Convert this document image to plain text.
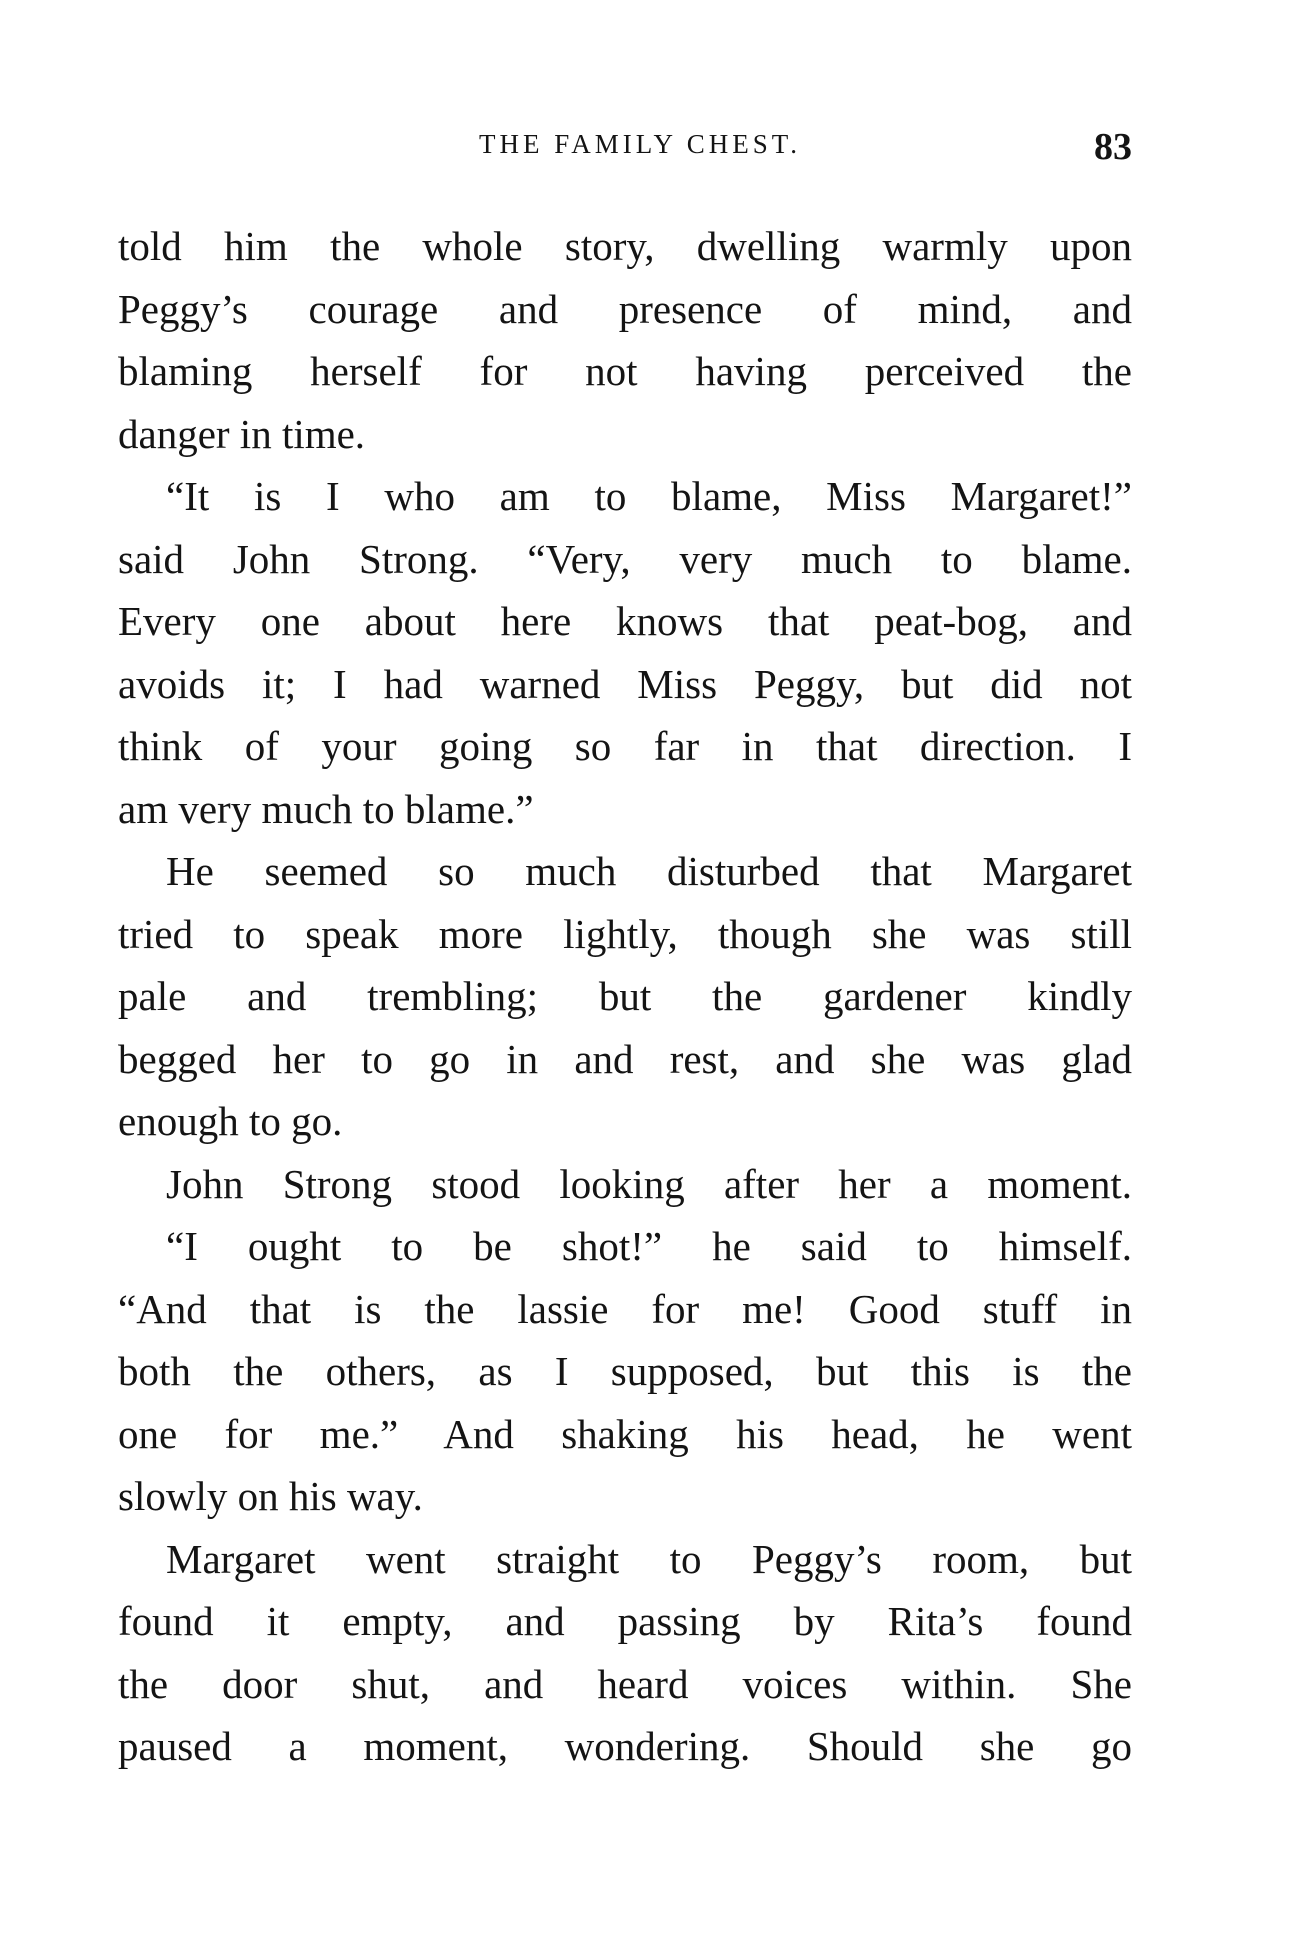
THE FAMILY CHEST.	83
told him the whole story, dwelling warmly upon
Peggy’s courage and presence of mind, and
blaming herself for not having perceived the
danger in time.
“It is I who am to blame, Miss Margaret!”
said John Strong. “Very, very much to blame.
Every one about here knows that peat-bog, and
avoids it; I had warned Miss Peggy, but did not
think of your going so far in that direction. I
am very much to blame.”
He seemed so much disturbed that Margaret
tried to speak more lightly, though she was still
pale and trembling; but the gardener kindly
begged her to go in and rest, and she was glad
enough to go.
John Strong stood looking after her a moment.
“I ought to be shot!” he said to himself.
“And that is the lassie for me! Good stuff in
both the others, as I supposed, but this is the
one for me.” And shaking his head, he went
slowly on his way.
Margaret went straight to Peggy’s room, but
found it empty, and passing by Rita’s found
the door shut, and heard voices within. She
paused a moment, wondering. Should she go
